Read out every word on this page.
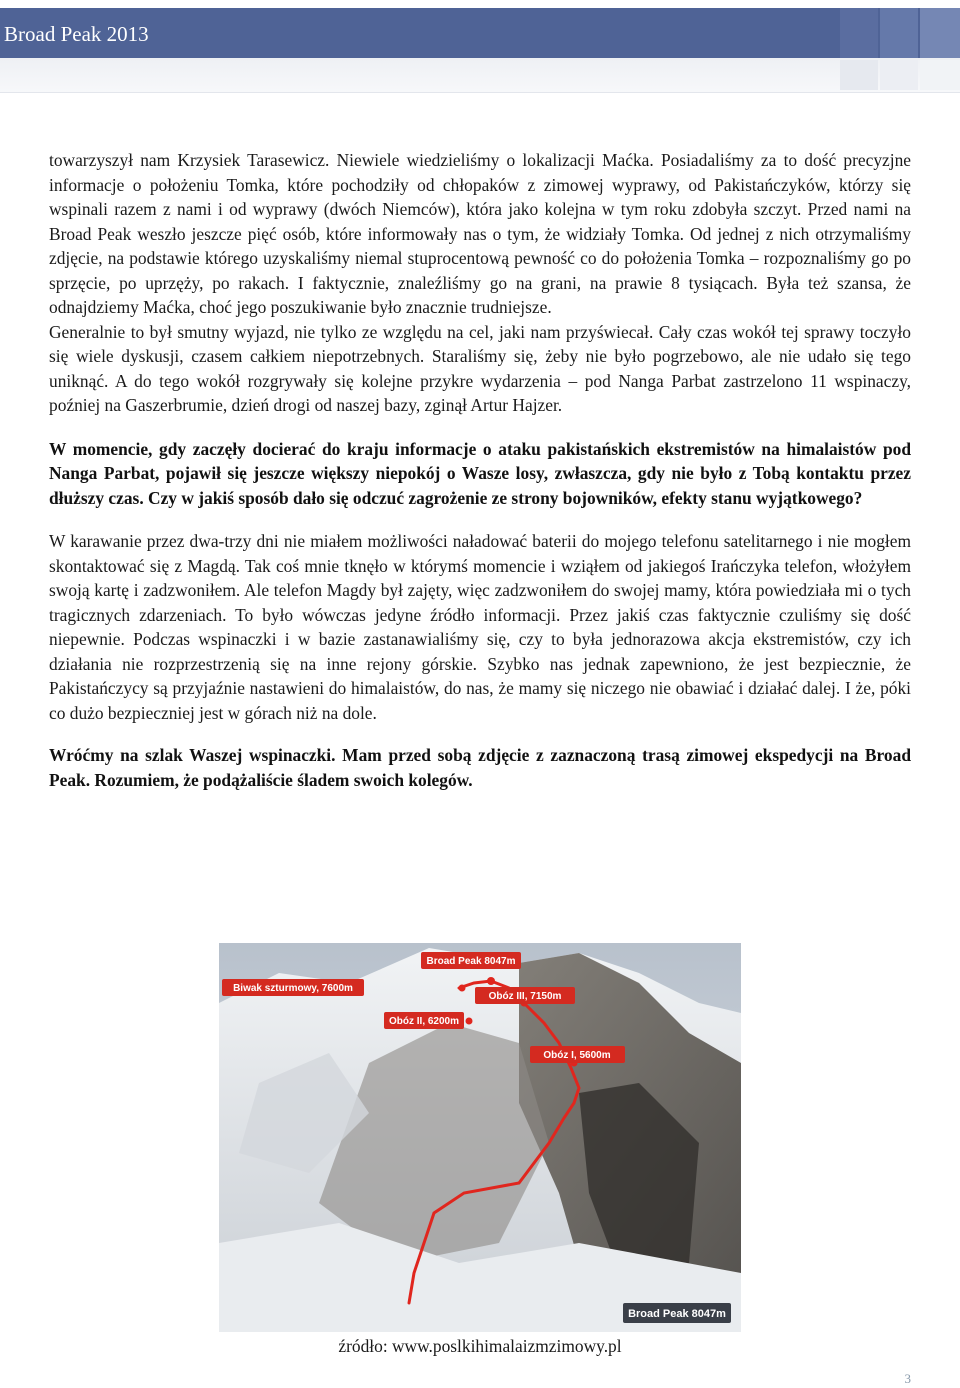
Broad Peak 2013

towarzyszył nam Krzysiek Tarasewicz. Niewiele wiedzieliśmy o lokalizacji Maćka. Posiadaliśmy za to dość precyzjne informacje o położeniu Tomka, które pochodziły od chłopaków z zimowej wyprawy, od Pakistańczyków, którzy się wspinali razem z nami i od wyprawy (dwóch Niemców), która jako kolejna w tym roku zdobyła szczyt. Przed nami na Broad Peak weszło jeszcze pięć osób, które informowały nas o tym, że widziały Tomka. Od jednej z nich otrzymaliśmy zdjęcie, na podstawie którego uzyskaliśmy niemal stuprocentową pewność co do położenia Tomka – rozpoznaliśmy go po sprzęcie, po uprzęży, po rakach. I faktycznie, znaleźliśmy go na grani, na prawie 8 tysiącach. Była też szansa, że odnajdziemy Maćka, choć jego poszukiwanie było znacznie trudniejsze.

Generalnie to był smutny wyjazd, nie tylko ze względu na cel, jaki nam przyświecał. Cały czas wokół tej sprawy toczyło się wiele dyskusji, czasem całkiem niepotrzebnych. Staraliśmy się, żeby nie było pogrzebowo, ale nie udało się tego uniknąć. A do tego wokół rozgrywały się kolejne przykre wydarzenia – pod Nanga Parbat zastrzelono 11 wspinaczy, poźniej na Gaszerbrumie, dzień drogi od naszej bazy, zginął Artur Hajzer.

W momencie, gdy zaczęły docierać do kraju informacje o ataku pakistańskich ekstremistów na himalaistów pod Nanga Parbat, pojawił się jeszcze większy niepokój o Wasze losy, zwłaszcza, gdy nie było z Tobą kontaktu przez dłuższy czas. Czy w jakiś sposób dało się odczuć zagrożenie ze strony bojowników, efekty stanu wyjątkowego?

W karawanie przez dwa-trzy dni nie miałem możliwości naładować baterii do mojego telefonu satelitarnego i nie mogłem skontaktować się z Magdą. Tak coś mnie tknęło w którymś momencie i wziąłem od jakiegoś Irańczyka telefon, włożyłem swoją kartę i zadzwoniłem. Ale telefon Magdy był zajęty, więc zadzwoniłem do swojej mamy, która powiedziała mi o tych tragicznych zdarzeniach. To było wówczas jedyne źródło informacji. Przez jakiś czas faktycznie czuliśmy się dość niepewnie. Podczas wspinaczki i w bazie zastanawialiśmy się, czy to była jednorazowa akcja ekstremistów, czy ich działania nie rozprzestrzenią się na inne rejony górskie. Szybko nas jednak zapewniono, że jest bezpiecznie, że Pakistańczycy są przyjaźnie nastawieni do himalaistów, do nas, że mamy się niczego nie obawiać i działać dalej. I że, póki co dużo bezpieczniej jest w górach niż na dole.

Wróćmy na szlak Waszej wspinaczki. Mam przed sobą zdjęcie z zaznaczoną trasą zimowej ekspedycji na Broad Peak. Rozumiem, że podążaliście śladem swoich kolegów.

Broad Peak 8047m
Biwak szturmowy, 7600m
Obóz III, 7150m
Obóz II, 6200m
Obóz I, 5600m
Broad Peak 8047m
źródło: www.poslkihimalaizmzimowy.pl
3
